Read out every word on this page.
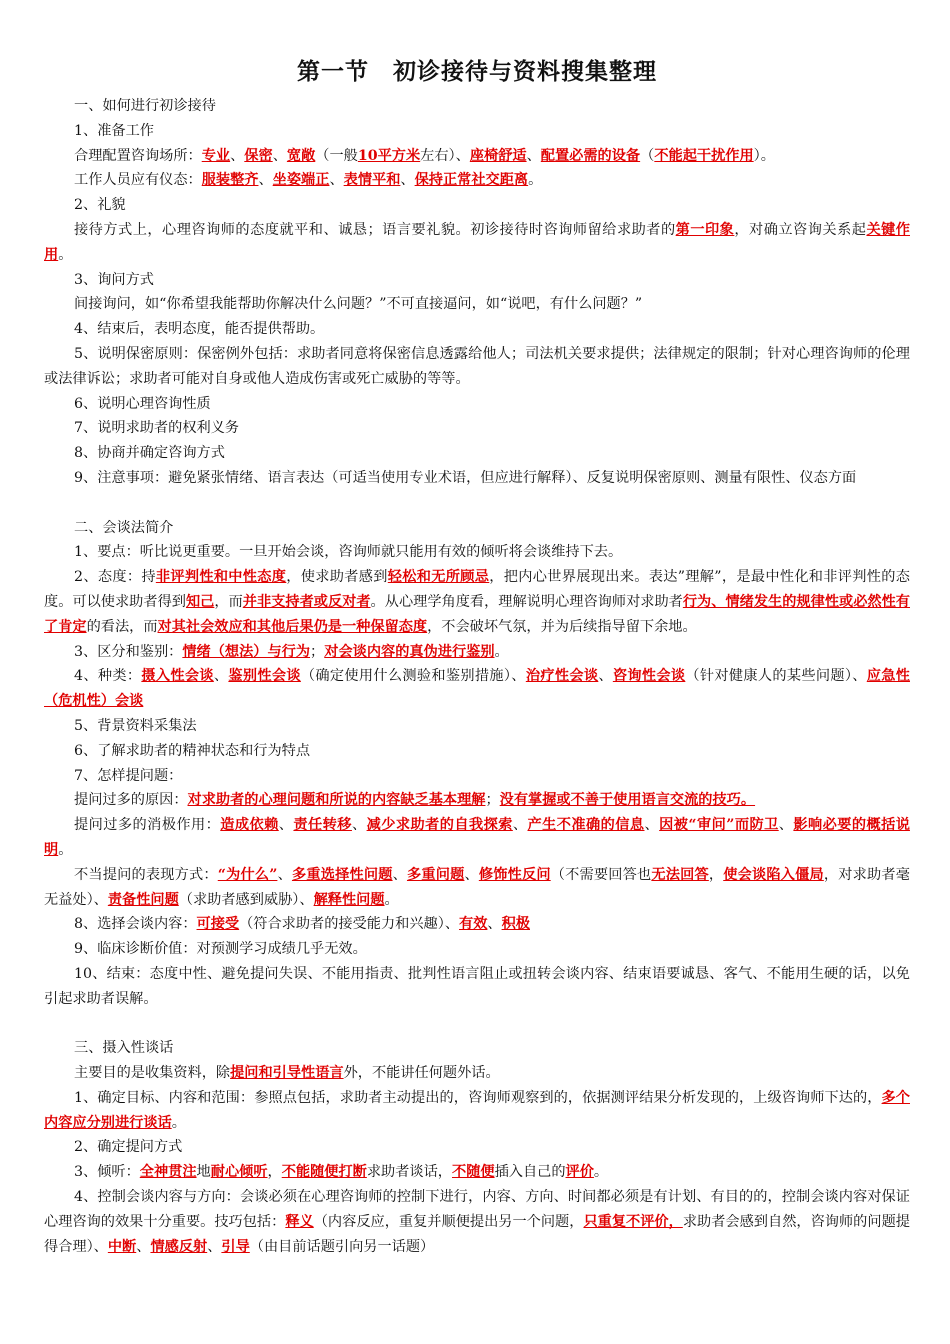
第一节　初诊接待与资料搜集整理

一、如何进行初诊接待

1、准备工作

合理配置咨询场所：专业、保密、宽敞（一般10平方米左右）、座椅舒适、配置必需的设备（不能起干扰作用）。

工作人员应有仪态：服装整齐、坐姿端正、表情平和、保持正常社交距离。

2、礼貌

接待方式上，心理咨询师的态度就平和、诚恳；语言要礼貌。初诊接待时咨询师留给求助者的第一印象，对确立咨询关系起关键作用。

3、询问方式

间接询问，如“你希望我能帮助你解决什么问题？”不可直接逼问，如“说吧，有什么问题？”

4、结束后，表明态度，能否提供帮助。

5、说明保密原则：保密例外包括：求助者同意将保密信息透露给他人；司法机关要求提供；法律规定的限制；针对心理咨询师的伦理或法律诉讼；求助者可能对自身或他人造成伤害或死亡威胁的等等。

6、说明心理咨询性质

7、说明求助者的权利义务

8、协商并确定咨询方式

9、注意事项：避免紧张情绪、语言表达（可适当使用专业术语，但应进行解释）、反复说明保密原则、测量有限性、仪态方面

二、会谈法简介

1、要点：听比说更重要。一旦开始会谈，咨询师就只能用有效的倾听将会谈维持下去。

2、态度：持非评判性和中性态度，使求助者感到轻松和无所顾忌，把内心世界展现出来。表达”理解”，是最中性化和非评判性的态度。可以使求助者得到知己，而并非支持者或反对者。从心理学角度看，理解说明心理咨询师对求助者行为、情绪发生的规律性或必然性有了肯定的看法，而对其社会效应和其他后果仍是一种保留态度，不会破坏气氛，并为后续指导留下余地。

3、区分和鉴别：情绪（想法）与行为；对会谈内容的真伪进行鉴别。

4、种类：摄入性会谈、鉴别性会谈（确定使用什么测验和鉴别措施）、治疗性会谈、咨询性会谈（针对健康人的某些问题）、应急性（危机性）会谈

5、背景资料采集法

6、了解求助者的精神状态和行为特点

7、怎样提问题：

提问过多的原因：对求助者的心理问题和所说的内容缺乏基本理解；没有掌握或不善于使用语言交流的技巧。

提问过多的消极作用：造成依赖、责任转移、减少求助者的自我探索、产生不准确的信息、因被“审问”而防卫、影响必要的概括说明。

不当提问的表现方式：“为什么”、多重选择性问题、多重问题、修饰性反问（不需要回答也无法回答，使会谈陷入僵局，对求助者毫无益处）、责备性问题（求助者感到威胁）、解释性问题。

8、选择会谈内容：可接受（符合求助者的接受能力和兴趣）、有效、积极

9、临床诊断价值：对预测学习成绩几乎无效。

10、结束：态度中性、避免提问失误、不能用指责、批判性语言阻止或扭转会谈内容、结束语要诚恳、客气、不能用生硬的话，以免引起求助者误解。

三、摄入性谈话

主要目的是收集资料，除提问和引导性语言外，不能讲任何题外话。

1、确定目标、内容和范围：参照点包括，求助者主动提出的，咨询师观察到的，依据测评结果分析发现的，上级咨询师下达的，多个内容应分别进行谈话。

2、确定提问方式

3、倾听：全神贯注地耐心倾听，不能随便打断求助者谈话，不随便插入自己的评价。

4、控制会谈内容与方向：会谈必须在心理咨询师的控制下进行，内容、方向、时间都必须是有计划、有目的的，控制会谈内容对保证心理咨询的效果十分重要。技巧包括：释义（内容反应，重复并顺便提出另一个问题，只重复不评价，求助者会感到自然，咨询师的问题提得合理）、中断、情感反射、引导（由目前话题引向另一话题）
